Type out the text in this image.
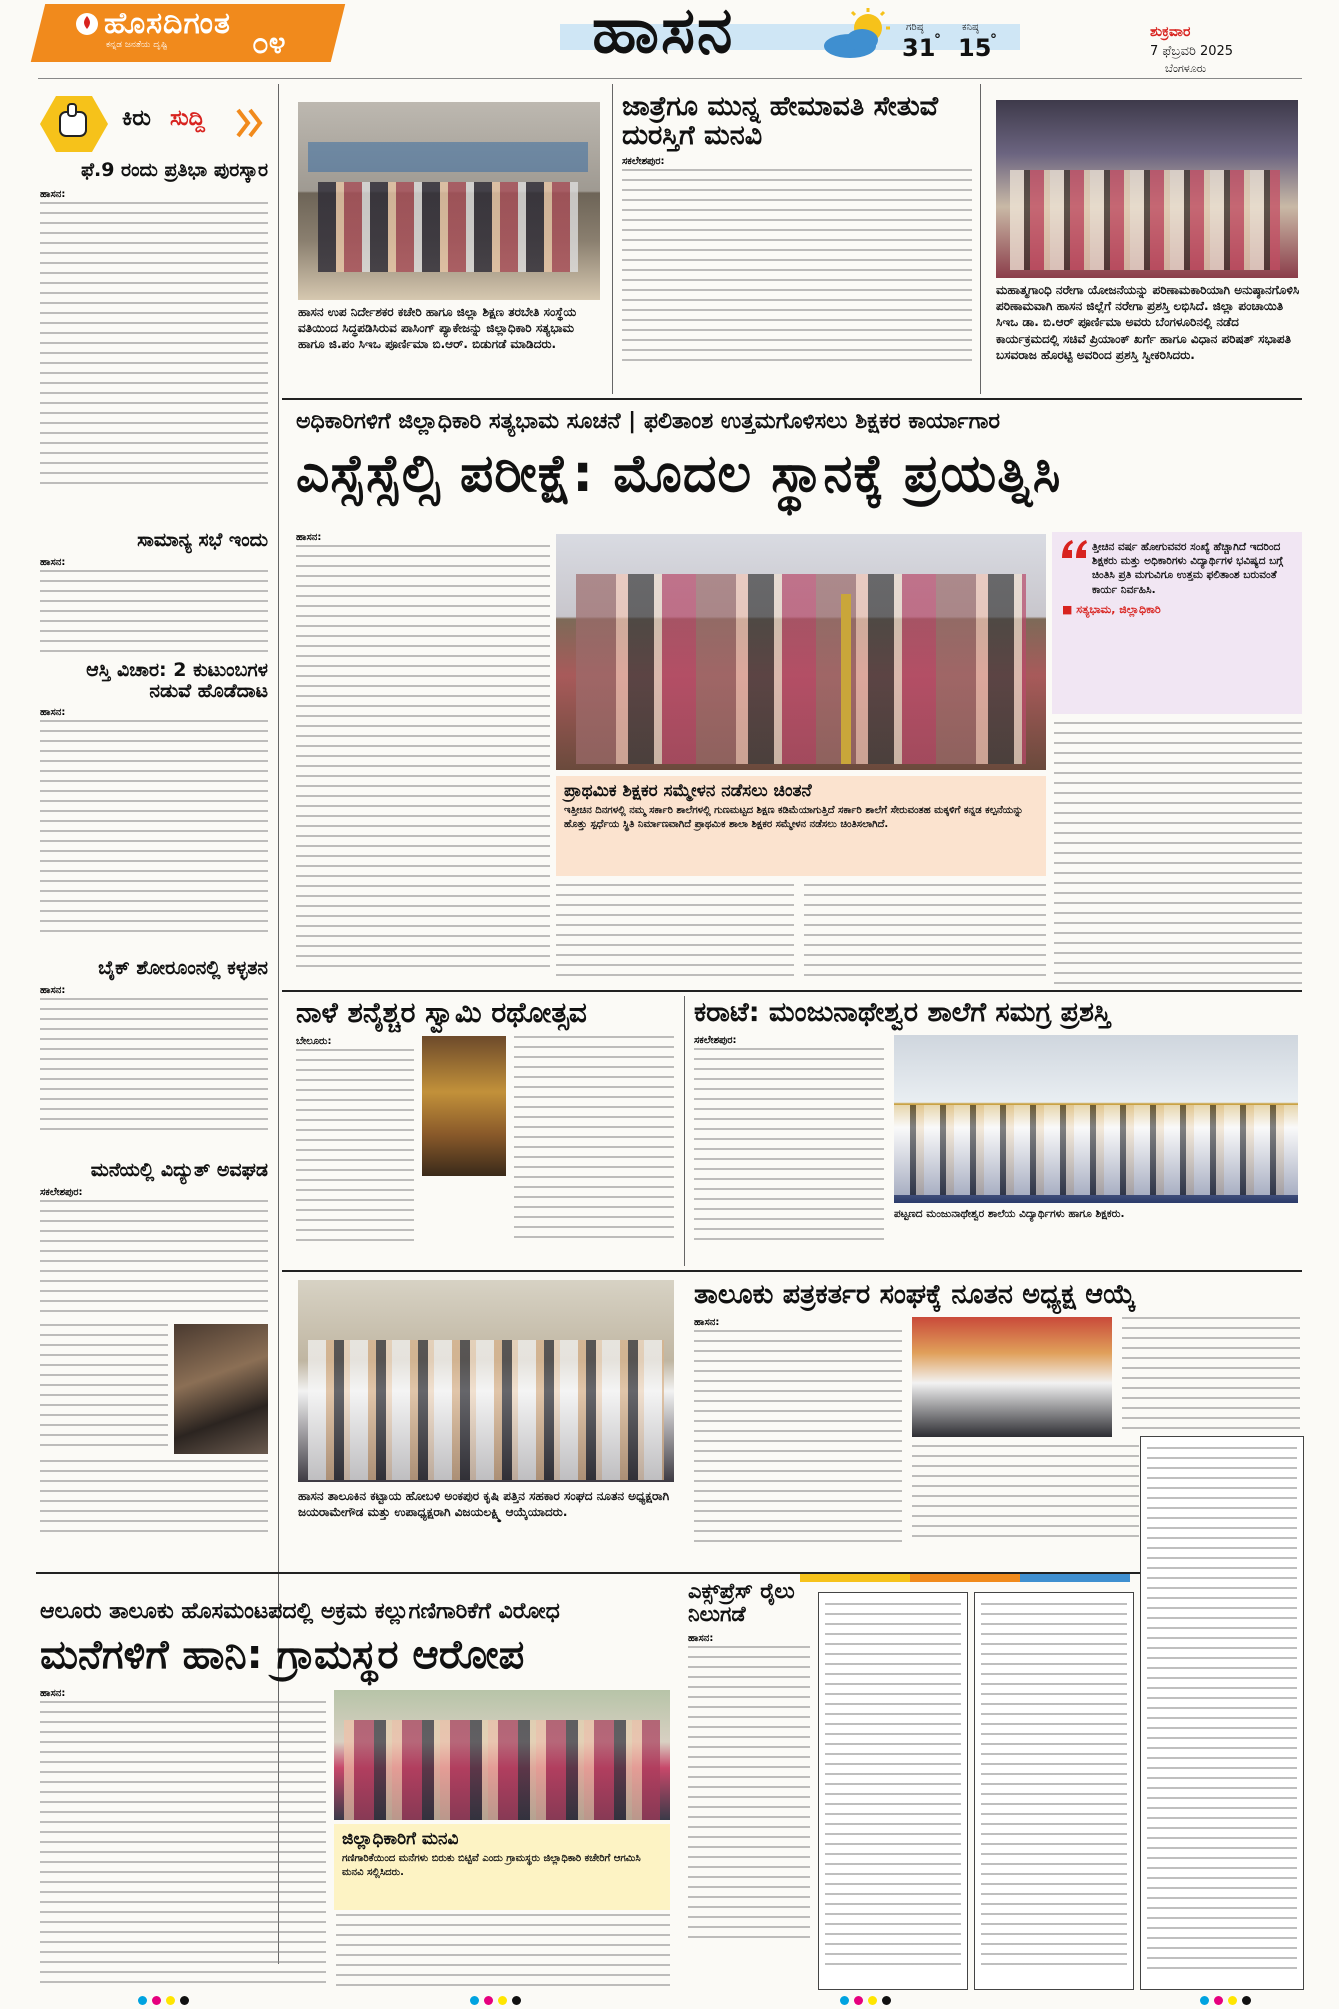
ಹೊಸದಿಗಂತ
ಕನ್ನಡ ಜನತೆಯ ದೃಷ್ಟಿ	೦೪	ಹಾಸನ	ಗರಿಷ್ಠ
31
°
ಕನಿಷ್ಠ
15
°	ಶುಕ್ರವಾರ
7 ಫೆಬ್ರವರಿ 2025
ಬೆಂಗಳೂರು
ಕಿರು ಸುದ್ದಿ
ಫೆ.9 ರಂದು ಪ್ರತಿಭಾ ಪುರಸ್ಕಾರ
ಹಾಸನ:
ಸಾಮಾನ್ಯ ಸಭೆ ಇಂದು
ಹಾಸನ:
ಆಸ್ತಿ ವಿಚಾರ: 2 ಕುಟುಂಬಗಳ ನಡುವೆ ಹೊಡೆದಾಟ
ಹಾಸನ:
ಬೈಕ್ ಶೋರೂಂನಲ್ಲಿ ಕಳ್ಳತನ
ಹಾಸನ:
ಮನೆಯಲ್ಲಿ ವಿದ್ಯುತ್ ಅವಘಡ
ಸಕಲೇಶಪುರ:
ಹಾಸನ ಉಪ ನಿರ್ದೇಶಕರ ಕಚೇರಿ ಹಾಗೂ ಜಿಲ್ಲಾ ಶಿಕ್ಷಣ ತರಬೇತಿ ಸಂಸ್ಥೆಯ ವತಿಯಿಂದ ಸಿದ್ಧಪಡಿಸಿರುವ ಪಾಸಿಂಗ್ ಪ್ಯಾಕೇಜನ್ನು ಜಿಲ್ಲಾಧಿಕಾರಿ ಸತ್ಯಭಾಮ ಹಾಗೂ ಜಿ.ಪಂ ಸಿಇಒ ಪೂರ್ಣಿಮಾ ಬಿ.ಆರ್. ಬಿಡುಗಡೆ ಮಾಡಿದರು.
ಜಾತ್ರೆಗೂ ಮುನ್ನ ಹೇಮಾವತಿ ಸೇತುವೆ ದುರಸ್ತಿಗೆ ಮನವಿ
ಸಕಲೇಶಪುರ:
ಮಹಾತ್ಮಗಾಂಧಿ ನರೇಗಾ ಯೋಜನೆಯನ್ನು ಪರಿಣಾಮಕಾರಿಯಾಗಿ ಅನುಷ್ಠಾನಗೊಳಿಸಿ ಪರಿಣಾಮವಾಗಿ ಹಾಸನ ಜಿಲ್ಲೆಗೆ ನರೇಗಾ ಪ್ರಶಸ್ತಿ ಲಭಿಸಿದೆ. ಜಿಲ್ಲಾ ಪಂಚಾಯಿತಿ ಸಿಇಒ ಡಾ. ಬಿ.ಆರ್ ಪೂರ್ಣಿಮಾ ಅವರು ಬೆಂಗಳೂರಿನಲ್ಲಿ ನಡೆದ ಕಾರ್ಯಕ್ರಮದಲ್ಲಿ ಸಚಿವೆ ಪ್ರಿಯಾಂಕ್ ಖರ್ಗೆ ಹಾಗೂ ವಿಧಾನ ಪರಿಷತ್ ಸಭಾಪತಿ ಬಸವರಾಜ ಹೊರಟ್ಟಿ ಅವರಿಂದ ಪ್ರಶಸ್ತಿ ಸ್ವೀಕರಿಸಿದರು.
ಅಧಿಕಾರಿಗಳಿಗೆ ಜಿಲ್ಲಾಧಿಕಾರಿ ಸತ್ಯಭಾಮ ಸೂಚನೆ | ಫಲಿತಾಂಶ ಉತ್ತಮಗೊಳಿಸಲು ಶಿಕ್ಷಕರ ಕಾರ್ಯಾಗಾರ
ಎಸ್ಸೆಸ್ಸೆಲ್ಸಿ ಪರೀಕ್ಷೆ: ಮೊದಲ ಸ್ಥಾನಕ್ಕೆ ಪ್ರಯತ್ನಿಸಿ
ಹಾಸನ:
ಪ್ರಾಥಮಿಕ ಶಿಕ್ಷಕರ ಸಮ್ಮೇಳನ ನಡೆಸಲು ಚಿಂತನೆ
ಇತ್ತೀಚಿನ ದಿನಗಳಲ್ಲಿ ನಮ್ಮ ಸರ್ಕಾರಿ ಶಾಲೆಗಳಲ್ಲಿ ಗುಣಮಟ್ಟದ ಶಿಕ್ಷಣ ಕಡಿಮೆಯಾಗುತ್ತಿದೆ ಸರ್ಕಾರಿ ಶಾಲೆಗೆ ಸೇರುವಂತಹ ಮಕ್ಕಳಿಗೆ ಕನ್ನಡ ಕಲ್ಪನೆಯನ್ನು ಹೊತ್ತು ಸ್ಪರ್ಧೆಯ ಸ್ಥಿತಿ ನಿರ್ಮಾಣವಾಗಿದೆ ಪ್ರಾಥಮಿಕ ಶಾಲಾ ಶಿಕ್ಷಕರ ಸಮ್ಮೇಳನ ನಡೆಸಲು ಚಿಂತಿಸಲಾಗಿದೆ.
ತ್ತೀಚಿನ ವರ್ಷ ಹೋಗುವವರ ಸಂಖ್ಯೆ ಹೆಚ್ಚಾಗಿದೆ ಇದರಿಂದ ಶಿಕ್ಷಕರು ಮತ್ತು ಅಧಿಕಾರಿಗಳು ವಿದ್ಯಾರ್ಥಿಗಳ ಭವಿಷ್ಯದ ಬಗ್ಗೆ ಚಿಂತಿಸಿ ಪ್ರತಿ ಮಗುವಿಗೂ ಉತ್ತಮ ಫಲಿತಾಂಶ ಬರುವಂತೆ ಕಾರ್ಯ ನಿರ್ವಹಿಸಿ.
■ ಸತ್ಯಭಾಮ, ಜಿಲ್ಲಾಧಿಕಾರಿ
ನಾಳೆ ಶನೈಶ್ಚರ ಸ್ವಾಮಿ ರಥೋತ್ಸವ
ಬೇಲೂರು:
ಕರಾಟೆ: ಮಂಜುನಾಥೇಶ್ವರ ಶಾಲೆಗೆ ಸಮಗ್ರ ಪ್ರಶಸ್ತಿ
ಸಕಲೇಶಪುರ:
ಪಟ್ಟಣದ ಮಂಜುನಾಥೇಶ್ವರ ಶಾಲೆಯ ವಿದ್ಯಾರ್ಥಿಗಳು ಹಾಗೂ ಶಿಕ್ಷಕರು.
ಹಾಸನ ತಾಲೂಕಿನ ಕಟ್ಟಾಯ ಹೋಬಳಿ ಅಂಕಪುರ ಕೃಷಿ ಪತ್ತಿನ ಸಹಕಾರ ಸಂಘದ ನೂತನ ಅಧ್ಯಕ್ಷರಾಗಿ ಜಯರಾಮೇಗೌಡ ಮತ್ತು ಉಪಾಧ್ಯಕ್ಷರಾಗಿ ವಿಜಯಲಕ್ಷ್ಮಿ ಆಯ್ಕೆಯಾದರು.
ತಾಲೂಕು ಪತ್ರಕರ್ತರ ಸಂಘಕ್ಕೆ ನೂತನ ಅಧ್ಯಕ್ಷ ಆಯ್ಕೆ
ಹಾಸನ:
ಆಲೂರು ತಾಲೂಕು ಹೊಸಮಂಟಪದಲ್ಲಿ ಅಕ್ರಮ ಕಲ್ಲುಗಣಿಗಾರಿಕೆಗೆ ವಿರೋಧ
ಮನೆಗಳಿಗೆ ಹಾನಿ: ಗ್ರಾಮಸ್ಥರ ಆರೋಪ
ಹಾಸನ:
ಜಿಲ್ಲಾಧಿಕಾರಿಗೆ ಮನವಿ
ಗಣಿಗಾರಿಕೆಯಿಂದ ಮನೆಗಳು ಬಿರುಕು ಬಿಟ್ಟಿವೆ ಎಂದು ಗ್ರಾಮಸ್ಥರು ಜಿಲ್ಲಾಧಿಕಾರಿ ಕಚೇರಿಗೆ ಆಗಮಿಸಿ ಮನವಿ ಸಲ್ಲಿಸಿದರು.
ಎಕ್ಸ್‌ಪ್ರೆಸ್ ರೈಲು ನಿಲುಗಡೆ
ಹಾಸನ:
